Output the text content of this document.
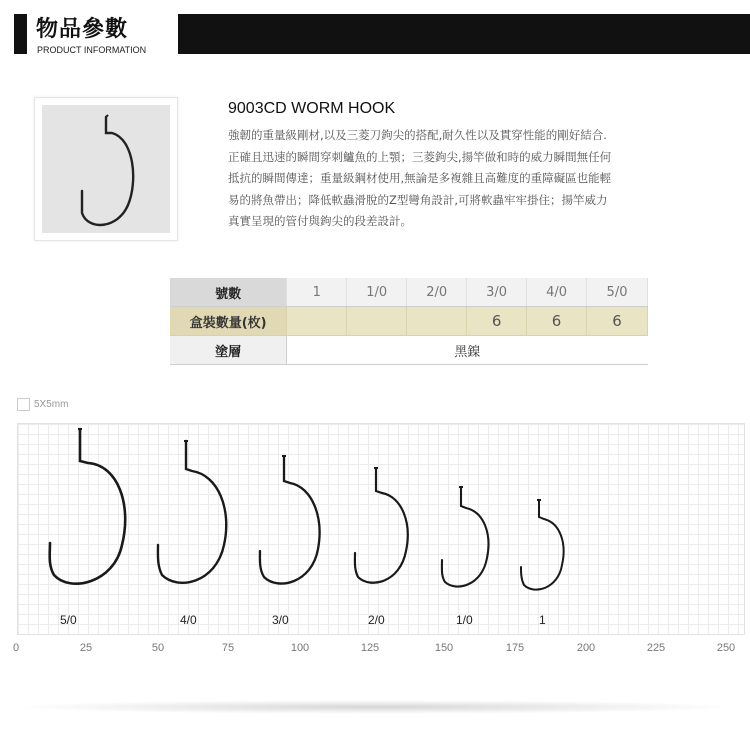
物品參數
PRODUCT INFORMATION
9003CD WORM HOOK
強韌的重量級剛材,以及三菱刀鉤尖的搭配,耐久性以及貫穿性能的剛好結合.
正確且迅速的瞬間穿刺鱸魚的上顎；三菱鉤尖,揚竿做和時的威力瞬間無任何
抵抗的瞬間傳達；重量級鋼材使用,無論是多複雜且高難度的重障礙區也能輕
易的將魚帶出；降低軟蟲滑脫的Z型彎角設計,可將軟蟲牢牢掛住；揚竿威力
真實呈現的管付與鉤尖的段差設計。
號數	1	1/0	2/0	3/0	4/0	5/0
盒裝數量(枚)				6	6	6
塗層	黑鎳					
5X5mm
5/0	4/0	3/0	2/0	1/0	1
0	25	50	75	100	125	150	175	200	225	250
